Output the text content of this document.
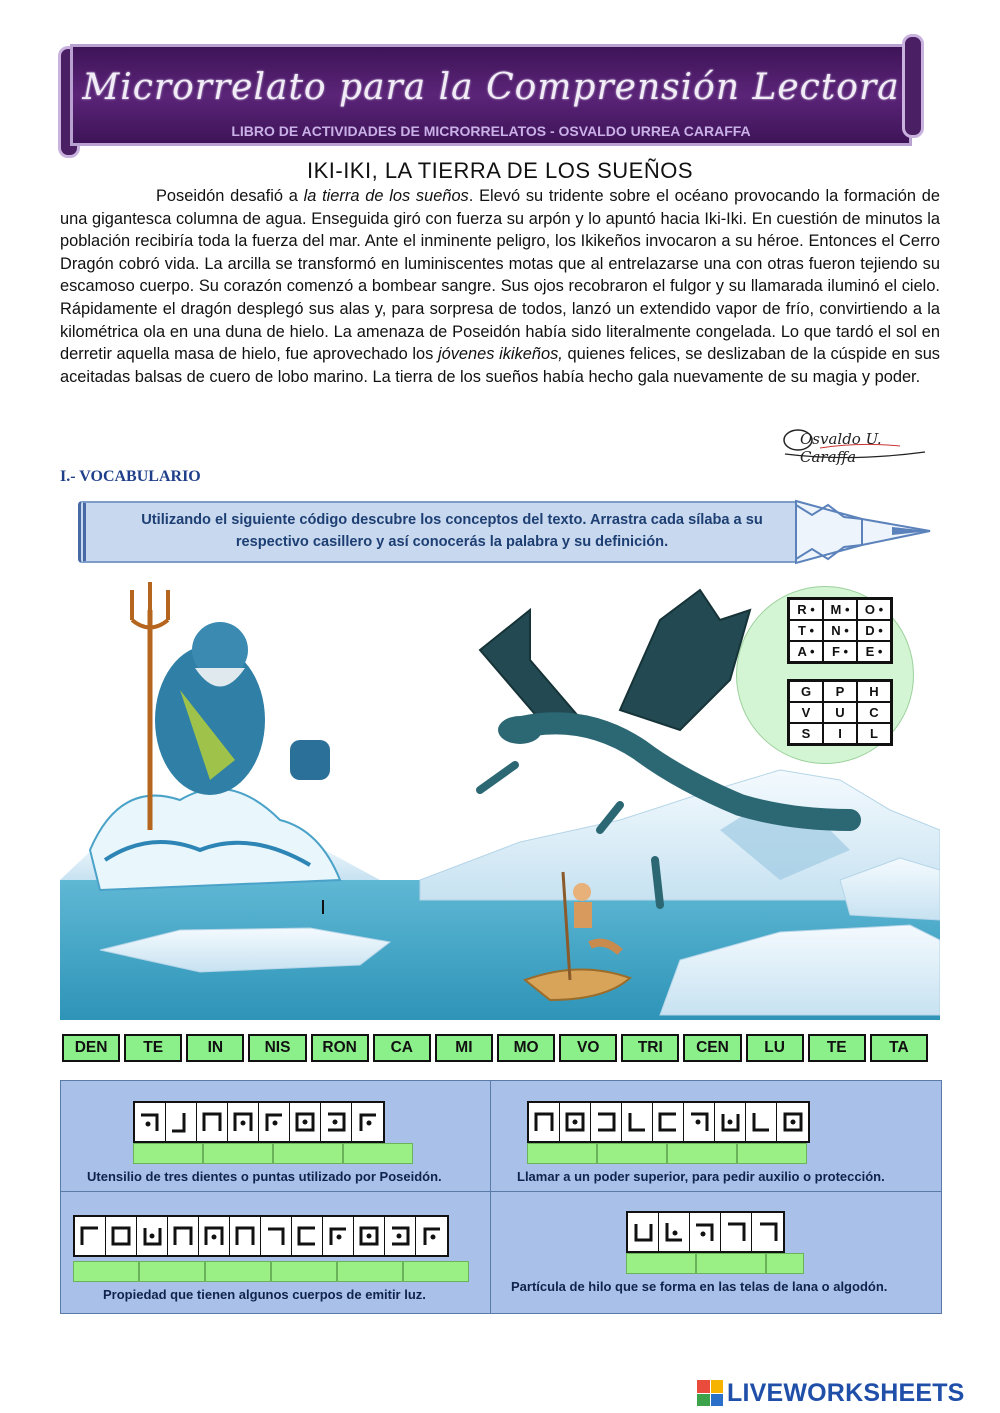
Microrrelato para la Comprensión Lectora
LIBRO DE ACTIVIDADES DE MICRORRELATOS - OSVALDO URREA CARAFFA
IKI-IKI, LA TIERRA DE LOS SUEÑOS

Poseidón desafió a la tierra de los sueños. Elevó su tridente sobre el océano provocando la formación de una gigantesca columna de agua. Enseguida giró con fuerza su arpón y lo apuntó hacia Iki-Iki. En cuestión de minutos la población recibiría toda la fuerza del mar. Ante el inminente peligro, los Ikikeños invocaron a su héroe. Entonces el Cerro Dragón cobró vida. La arcilla se transformó en luminiscentes motas que al entrelazarse una con otras fueron tejiendo su escamoso cuerpo. Su corazón comenzó a bombear sangre. Sus ojos recobraron el fulgor y su llamarada iluminó el cielo. Rápidamente el dragón desplegó sus alas y, para sorpresa de todos, lanzó un extendido vapor de frío, convirtiendo a la kilométrica ola en una duna de hielo. La amenaza de Poseidón había sido literalmente congelada. Lo que tardó el sol en derretir aquella masa de hielo, fue aprovechado los jóvenes ikikeños, quienes felices, se deslizaban de la cúspide en sus aceitadas balsas de cuero de lobo marino. La tierra de los sueños había hecho gala nuevamente de su magia y poder.

Osvaldo U. Caraffa
I.- VOCABULARIO
Utilizando el siguiente código descubre los conceptos del texto. Arrastra cada sílaba a su respectivo casillero y así conocerás la palabra y su definición.
R •	M •	O •
T •	N •	D •
A •	F •	E •
G	P	H
V	U	C
S	I	L
DEN	TE	IN	NIS	RON	CA	MI	MO	VO	TRI	CEN	LU	TE	TA
Utensilio de tres dientes o puntas utilizado por Poseidón.	Llamar a un poder superior, para pedir auxilio o protección.
Propiedad que tienen algunos cuerpos de emitir luz.
Partícula de hilo que se forma en las telas de lana o algodón.
LIVEWORKSHEETS
